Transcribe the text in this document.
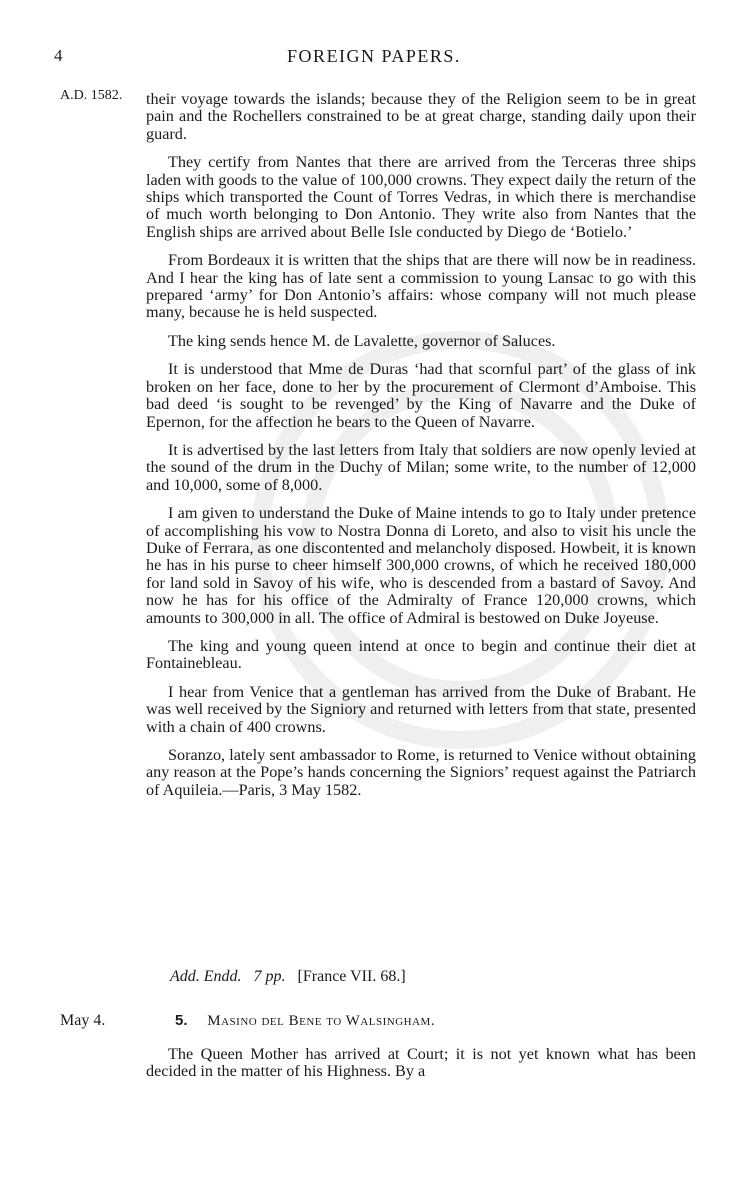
4	FOREIGN PAPERS.
A.D. 1582. their voyage towards the islands; because they of the Religion seem to be in great pain and the Rochellers constrained to be at great charge, standing daily upon their guard.

They certify from Nantes that there are arrived from the Terceras three ships laden with goods to the value of 100,000 crowns. They expect daily the return of the ships which transported the Count of Torres Vedras, in which there is merchandise of much worth belonging to Don Antonio. They write also from Nantes that the English ships are arrived about Belle Isle conducted by Diego de ‘Botielo.’

From Bordeaux it is written that the ships that are there will now be in readiness. And I hear the king has of late sent a commission to young Lansac to go with this prepared ‘army’ for Don Antonio’s affairs: whose company will not much please many, because he is held suspected.

The king sends hence M. de Lavalette, governor of Saluces.

It is understood that Mme de Duras ‘had that scornful part’ of the glass of ink broken on her face, done to her by the procurement of Clermont d’Amboise. This bad deed ‘is sought to be revenged’ by the King of Navarre and the Duke of Epernon, for the affection he bears to the Queen of Navarre.

It is advertised by the last letters from Italy that soldiers are now openly levied at the sound of the drum in the Duchy of Milan; some write, to the number of 12,000 and 10,000, some of 8,000.

I am given to understand the Duke of Maine intends to go to Italy under pretence of accomplishing his vow to Nostra Donna di Loreto, and also to visit his uncle the Duke of Ferrara, as one discontented and melancholy disposed. Howbeit, it is known he has in his purse to cheer himself 300,000 crowns, of which he received 180,000 for land sold in Savoy of his wife, who is descended from a bastard of Savoy. And now he has for his office of the Admiralty of France 120,000 crowns, which amounts to 300,000 in all. The office of Admiral is bestowed on Duke Joyeuse.

The king and young queen intend at once to begin and continue their diet at Fontainebleau.

I hear from Venice that a gentleman has arrived from the Duke of Brabant. He was well received by the Signiory and returned with letters from that state, presented with a chain of 400 crowns.

Soranzo, lately sent ambassador to Rome, is returned to Venice without obtaining any reason at the Pope’s hands concerning the Signiors’ request against the Patriarch of Aquileia.—Paris, 3 May 1582.

Add. Endd. 7 pp. [France VII. 68.]
May 4.	5. Masino del Bene to Walsingham.

The Queen Mother has arrived at Court; it is not yet known what has been decided in the matter of his Highness. By a
